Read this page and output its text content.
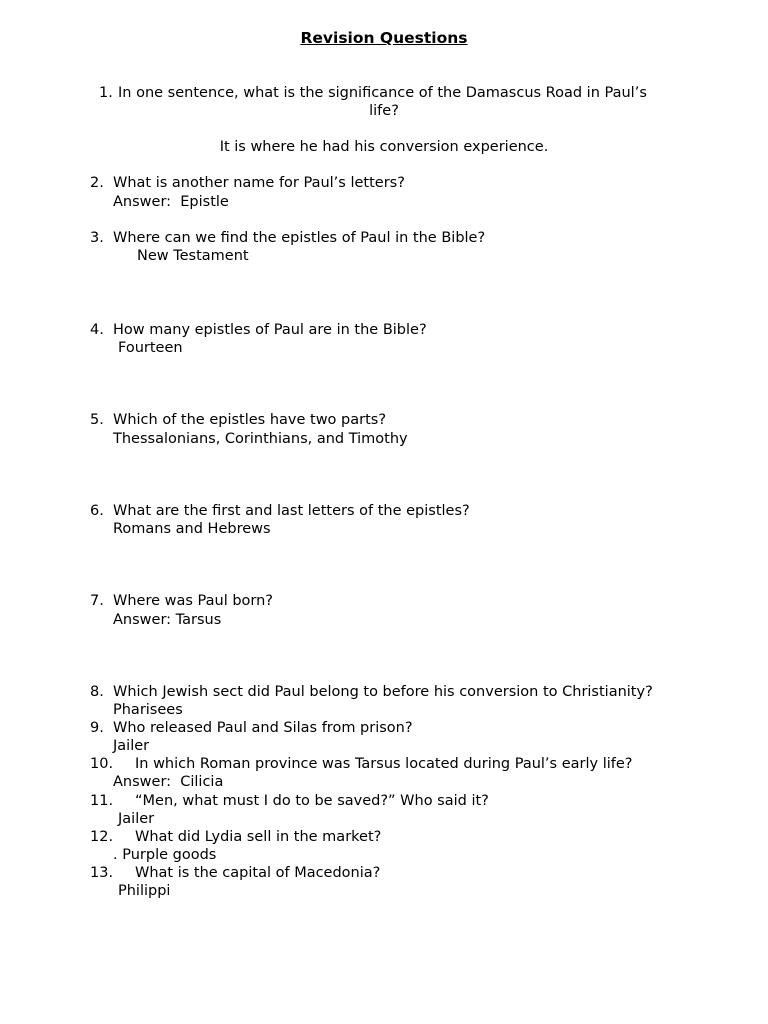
Revision Questions
1. In one sentence, what is the significance of the Damascus Road in Paul’s
life?
It is where he had his conversion experience.
2. What is another name for Paul’s letters?
Answer:  Epistle
3. Where can we find the epistles of Paul in the Bible?
New Testament
4. How many epistles of Paul are in the Bible?
Fourteen
5. Which of the epistles have two parts?
Thessalonians, Corinthians, and Timothy
6. What are the first and last letters of the epistles?
Romans and Hebrews
7. Where was Paul born?
Answer: Tarsus
8. Which Jewish sect did Paul belong to before his conversion to Christianity?
Pharisees
9. Who released Paul and Silas from prison?
Jailer
10. In which Roman province was Tarsus located during Paul’s early life?
Answer:  Cilicia
11. “Men, what must I do to be saved?” Who said it?
Jailer
12. What did Lydia sell in the market?
. Purple goods
13. What is the capital of Macedonia?
Philippi
